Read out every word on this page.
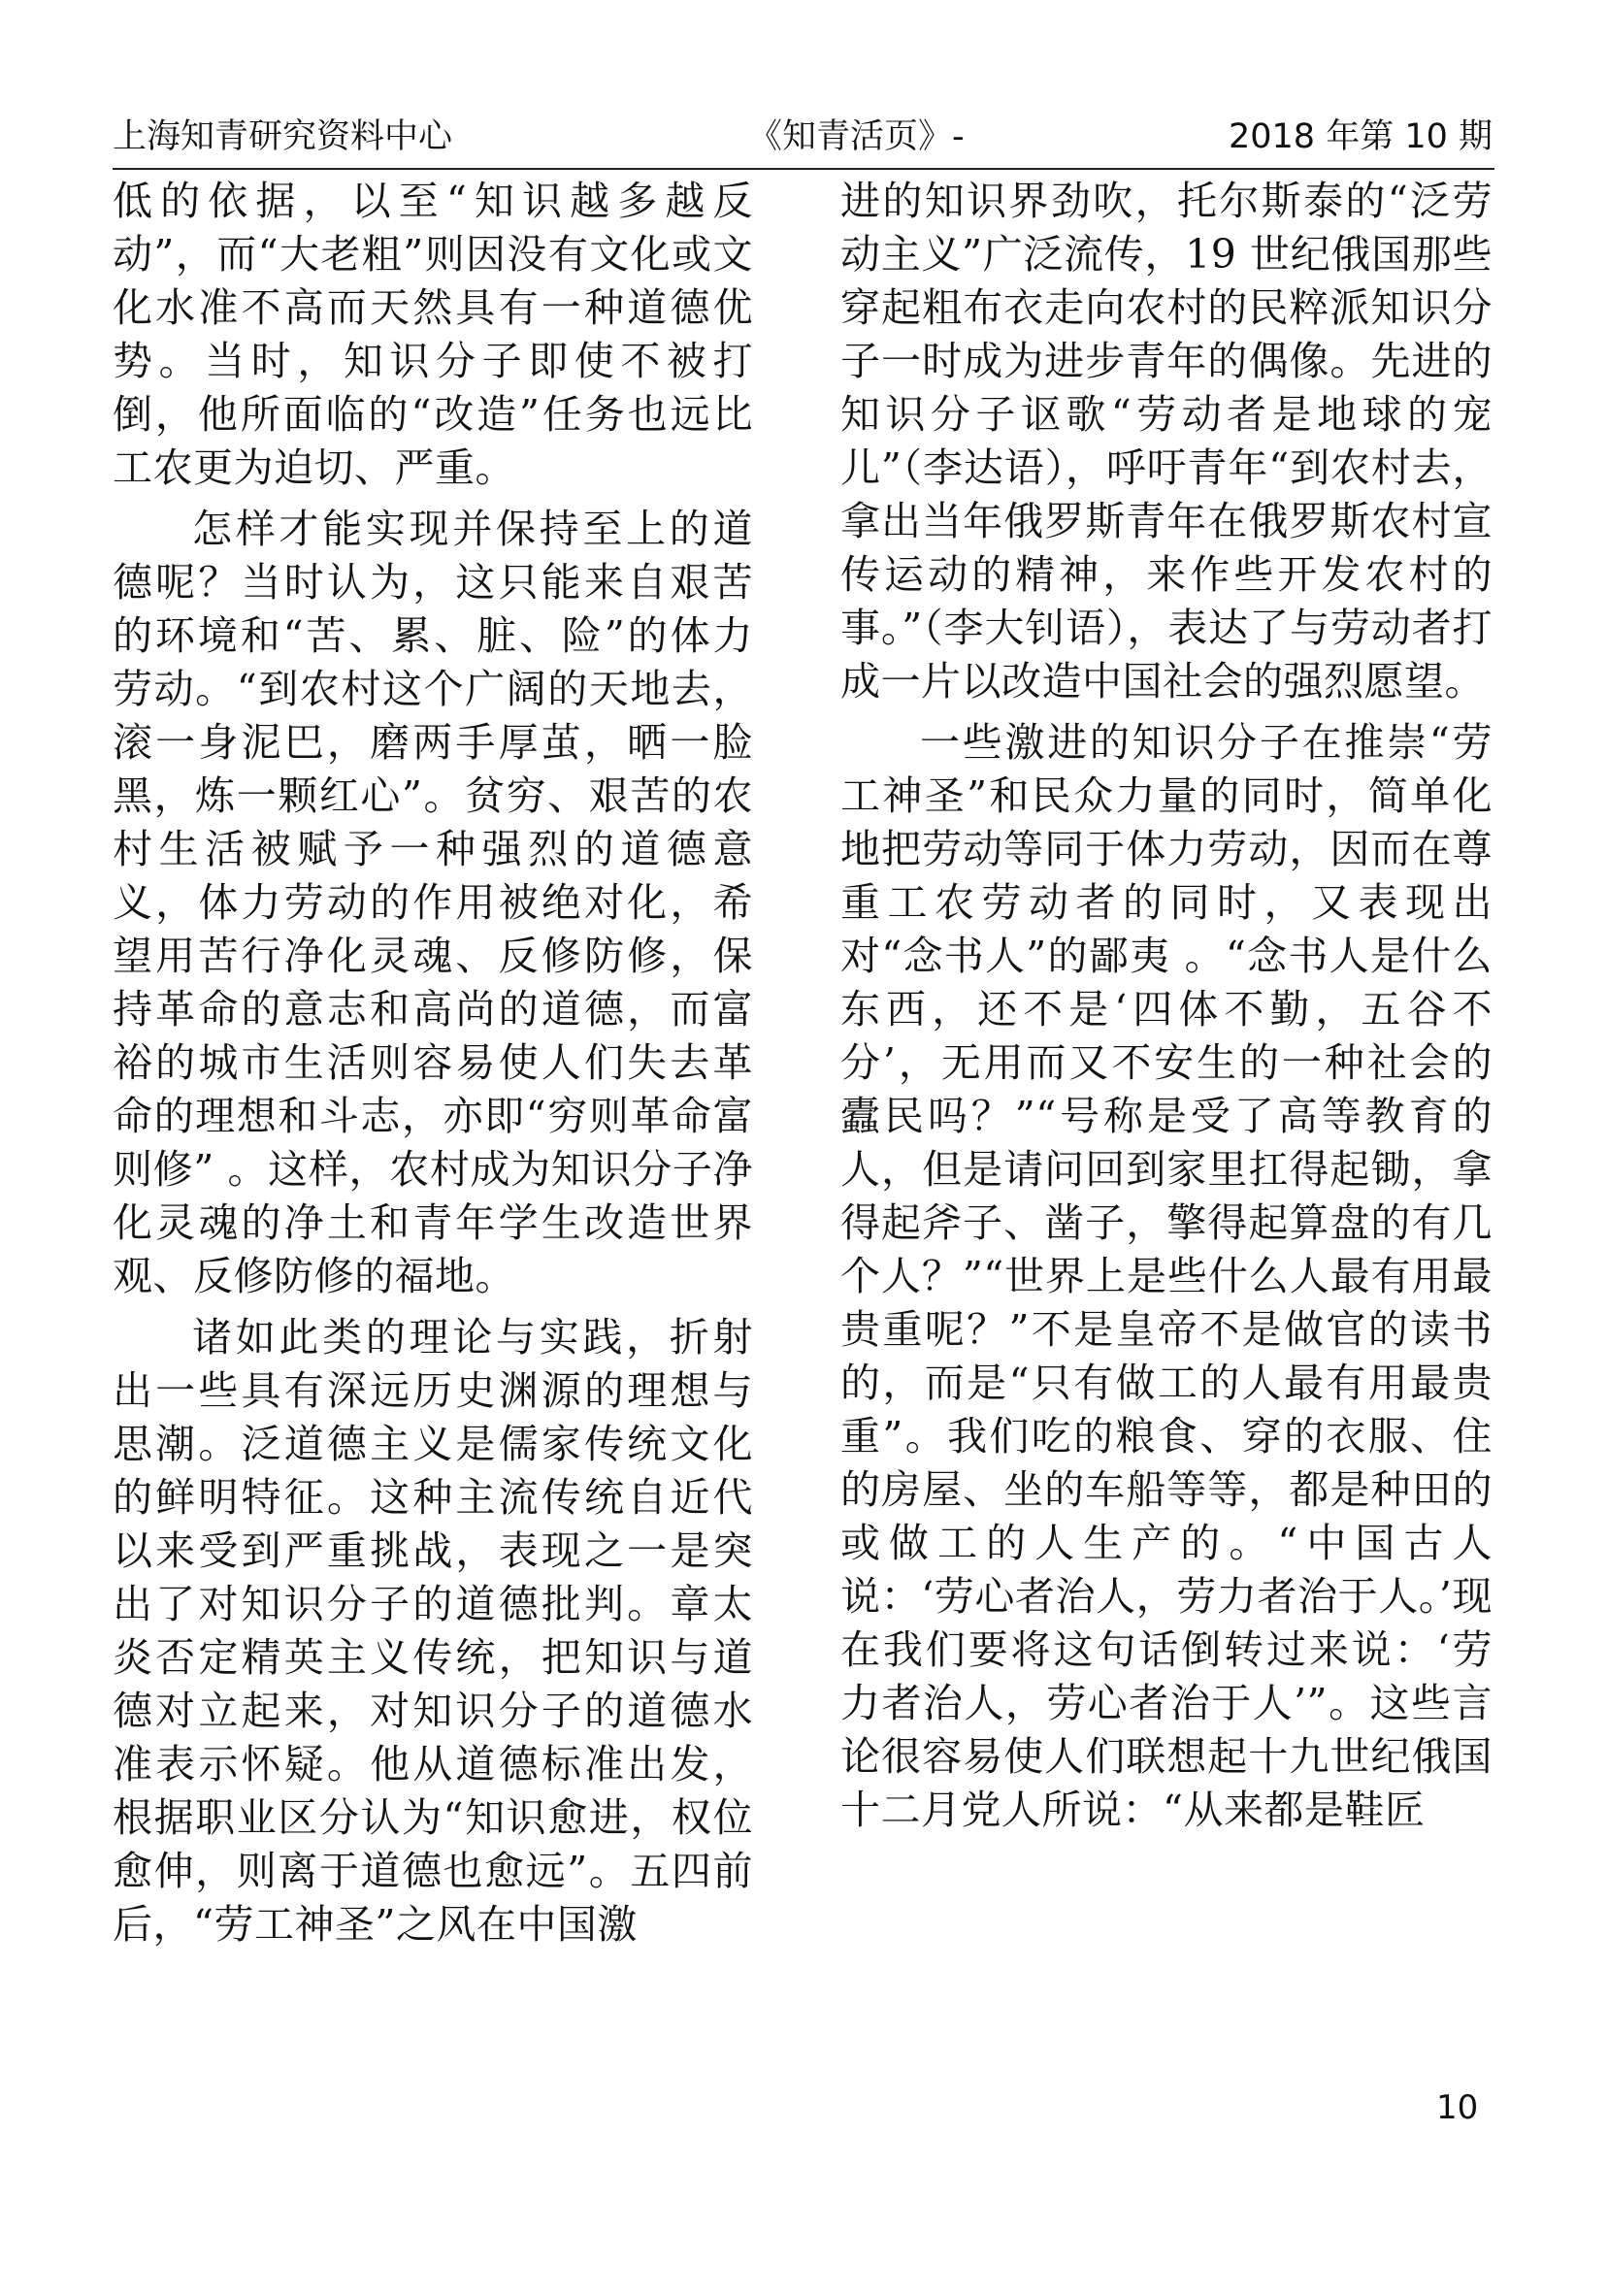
上海知青研究资料中心	《知青活页》-	2018 年第 10 期

低的依据，以至“知识越多越反动”，而“大老粗”则因没有文化或文化水准不高而天然具有一种道德优势。当时，知识分子即使不被打倒，他所面临的“改造”任务也远比工农更为迫切、严重。

怎样才能实现并保持至上的道德呢？当时认为，这只能来自艰苦的环境和“苦、累、脏、险”的体力劳动。“到农村这个广阔的天地去，滚一身泥巴，磨两手厚茧，晒一脸黑，炼一颗红心”。贫穷、艰苦的农村生活被赋予一种强烈的道德意义，体力劳动的作用被绝对化，希望用苦行净化灵魂、反修防修，保持革命的意志和高尚的道德，而富裕的城市生活则容易使人们失去革命的理想和斗志，亦即“穷则革命富则修” 。这样，农村成为知识分子净化灵魂的净土和青年学生改造世界观、反修防修的福地。

诸如此类的理论与实践，折射出一些具有深远历史渊源的理想与思潮。泛道德主义是儒家传统文化的鲜明特征。这种主流传统自近代以来受到严重挑战，表现之一是突出了对知识分子的道德批判。章太炎否定精英主义传统，把知识与道德对立起来，对知识分子的道德水准表示怀疑。他从道德标准出发，根据职业区分认为“知识愈进，权位愈伸，则离于道德也愈远”。五四前后，“劳工神圣”之风在中国激

进的知识界劲吹，托尔斯泰的“泛劳动主义”广泛流传，19 世纪俄国那些穿起粗布衣走向农村的民粹派知识分子一时成为进步青年的偶像。先进的知识分子讴歌“劳动者是地球的宠儿”（李达语），呼吁青年“到农村去，拿出当年俄罗斯青年在俄罗斯农村宣传运动的精神，来作些开发农村的事。”（李大钊语），表达了与劳动者打成一片以改造中国社会的强烈愿望。

一些激进的知识分子在推崇“劳工神圣”和民众力量的同时，简单化地把劳动等同于体力劳动，因而在尊重工农劳动者的同时，又表现出对“念书人”的鄙夷 。“念书人是什么东西，还不是‘四体不勤，五谷不分’，无用而又不安生的一种社会的蠹民吗？”“号称是受了高等教育的人，但是请问回到家里扛得起锄，拿得起斧子、凿子，擎得起算盘的有几个人？”“世界上是些什么人最有用最贵重呢？”不是皇帝不是做官的读书的，而是“只有做工的人最有用最贵重”。我们吃的粮食、穿的衣服、住的房屋、坐的车船等等，都是种田的或做工的人生产的。“中国古人说：‘劳心者治人，劳力者治于人。’现在我们要将这句话倒转过来说：‘劳力者治人，劳心者治于人’”。这些言论很容易使人们联想起十九世纪俄国十二月党人所说：“从来都是鞋匠

10
